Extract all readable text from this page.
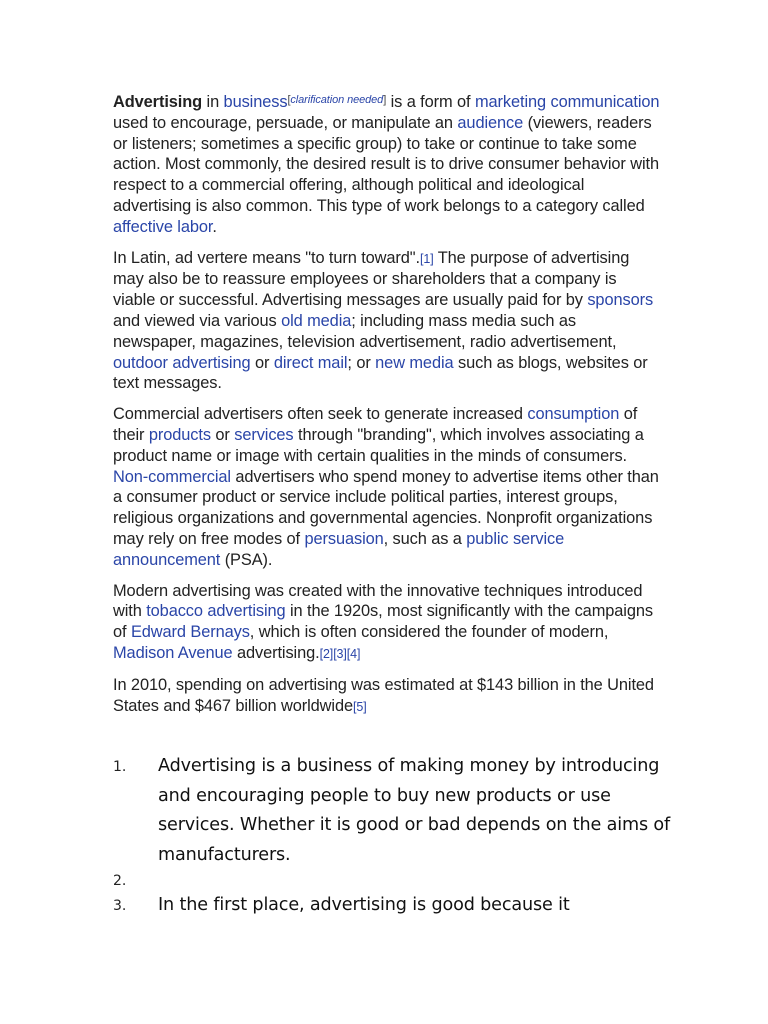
Advertising in business[clarification needed] is a form of marketing communication used to encourage, persuade, or manipulate an audience (viewers, readers or listeners; sometimes a specific group) to take or continue to take some action. Most commonly, the desired result is to drive consumer behavior with respect to a commercial offering, although political and ideological advertising is also common. This type of work belongs to a category called affective labor.

In Latin, ad vertere means "to turn toward".[1] The purpose of advertising may also be to reassure employees or shareholders that a company is viable or successful. Advertising messages are usually paid for by sponsors and viewed via various old media; including mass media such as newspaper, magazines, television advertisement, radio advertisement, outdoor advertising or direct mail; or new media such as blogs, websites or text messages.

Commercial advertisers often seek to generate increased consumption of their products or services through "branding", which involves associating a product name or image with certain qualities in the minds of consumers. Non-commercial advertisers who spend money to advertise items other than a consumer product or service include political parties, interest groups, religious organizations and governmental agencies. Nonprofit organizations may rely on free modes of persuasion, such as a public service announcement (PSA).

Modern advertising was created with the innovative techniques introduced with tobacco advertising in the 1920s, most significantly with the campaigns of Edward Bernays, which is often considered the founder of modern, Madison Avenue advertising.[2][3][4]

In 2010, spending on advertising was estimated at $143 billion in the United States and $467 billion worldwide[5]

1.	Advertising is a business of making money by introducing and encouraging people to buy new products or use services. Whether it is good or bad depends on the aims of manufacturers.
2.
3.	In the first place, advertising is good because it
